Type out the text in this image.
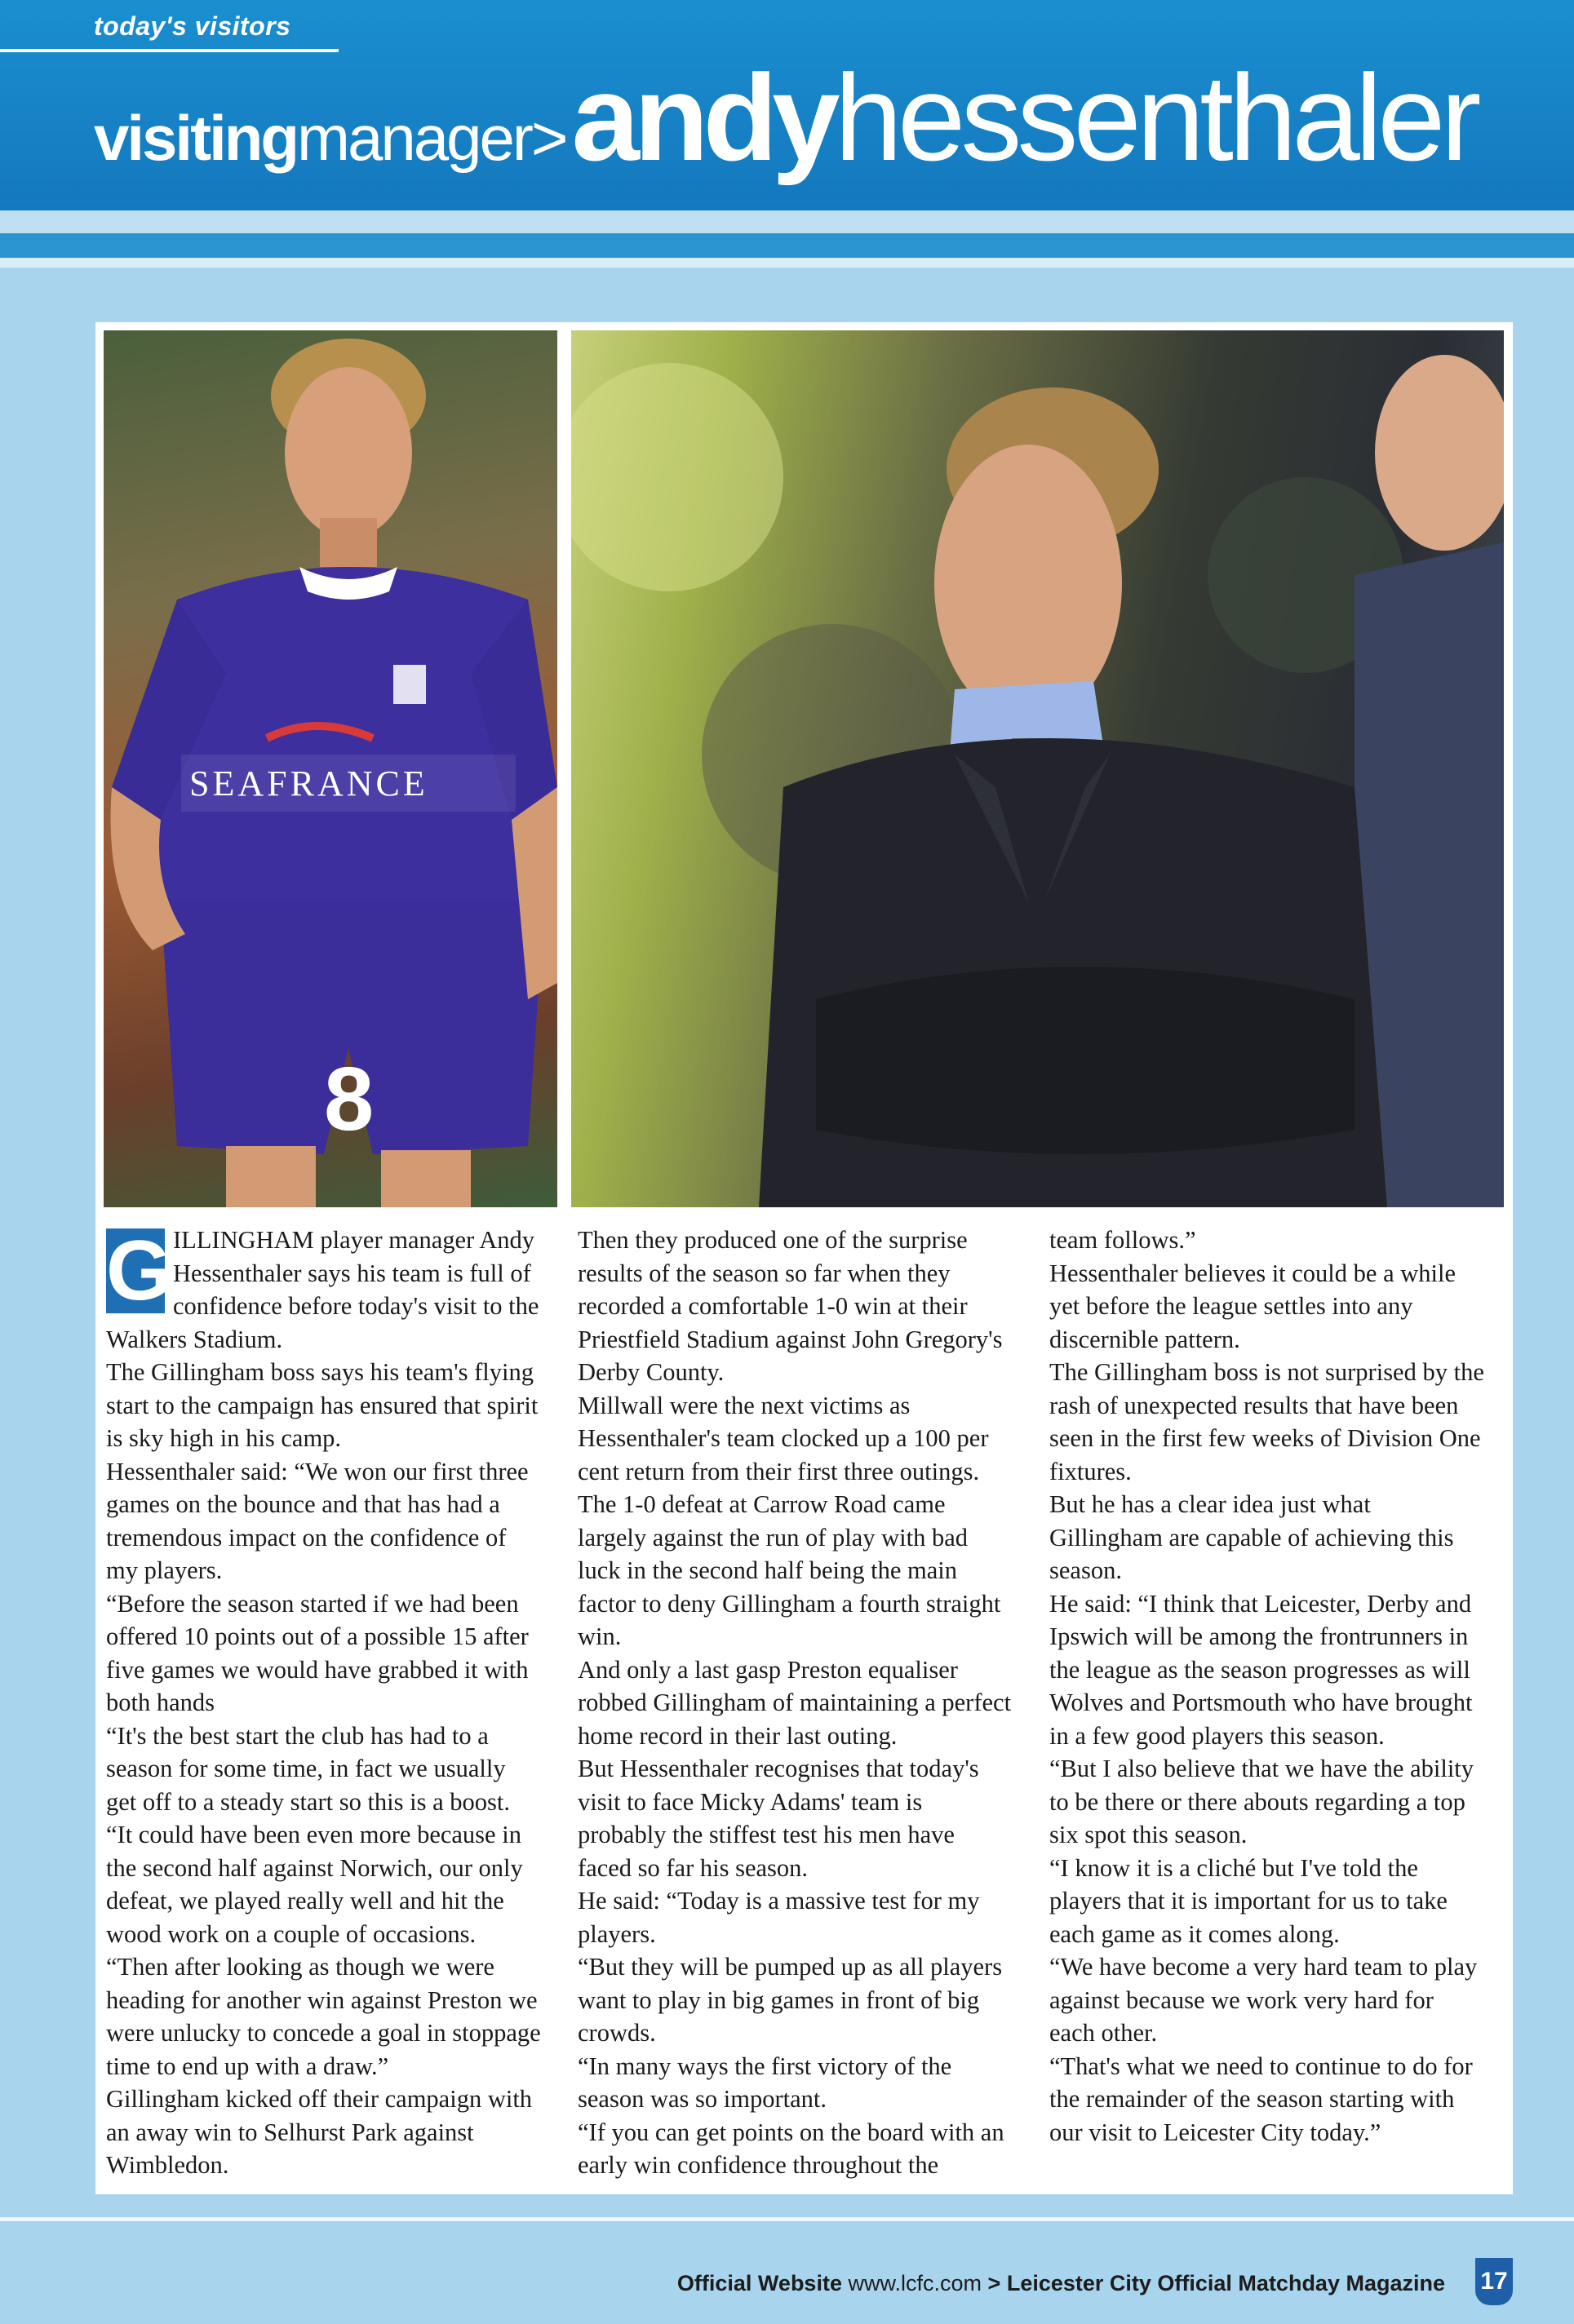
today's visitors
visiting manager > andy hessenthaler
SEAFRANCE
8
G ILLINGHAM player manager Andy Hessenthaler says his team is full of confidence before today's visit to the Walkers Stadium.

The Gillingham boss says his team's flying start to the campaign has ensured that spirit is sky high in his camp.

Hessenthaler said: “We won our first three games on the bounce and that has had a tremendous impact on the confidence of my players.

“Before the season started if we had been offered 10 points out of a possible 15 after five games we would have grabbed it with both hands

“It's the best start the club has had to a season for some time, in fact we usually get off to a steady start so this is a boost.

“It could have been even more because in the second half against Norwich, our only defeat, we played really well and hit the wood work on a couple of occasions.

“Then after looking as though we were heading for another win against Preston we were unlucky to concede a goal in stoppage time to end up with a draw.”

Gillingham kicked off their campaign with an away win to Selhurst Park against Wimbledon.

Then they produced one of the surprise results of the season so far when they recorded a comfortable 1-0 win at their Priestfield Stadium against John Gregory's Derby County.

Millwall were the next victims as Hessenthaler's team clocked up a 100 per cent return from their first three outings.

The 1-0 defeat at Carrow Road came largely against the run of play with bad luck in the second half being the main factor to deny Gillingham a fourth straight win.

And only a last gasp Preston equaliser robbed Gillingham of maintaining a perfect home record in their last outing.

But Hessenthaler recognises that today's visit to face Micky Adams' team is probably the stiffest test his men have faced so far his season.

He said: “Today is a massive test for my players.

“But they will be pumped up as all players want to play in big games in front of big crowds.

“In many ways the first victory of the season was so important.

“If you can get points on the board with an early win confidence throughout the

team follows.”

Hessenthaler believes it could be a while yet before the league settles into any discernible pattern.

The Gillingham boss is not surprised by the rash of unexpected results that have been seen in the first few weeks of Division One fixtures.

But he has a clear idea just what Gillingham are capable of achieving this season.

He said: “I think that Leicester, Derby and Ipswich will be among the frontrunners in the league as the season progresses as will Wolves and Portsmouth who have brought in a few good players this season.

“But I also believe that we have the ability to be there or there abouts regarding a top six spot this season.

“I know it is a cliché but I've told the players that it is important for us to take each game as it comes along.

“We have become a very hard team to play against because we work very hard for each other.

“That's what we need to continue to do for the remainder of the season starting with our visit to Leicester City today.”

Official Website www.lcfc.com > Leicester City Official Matchday Magazine 17
